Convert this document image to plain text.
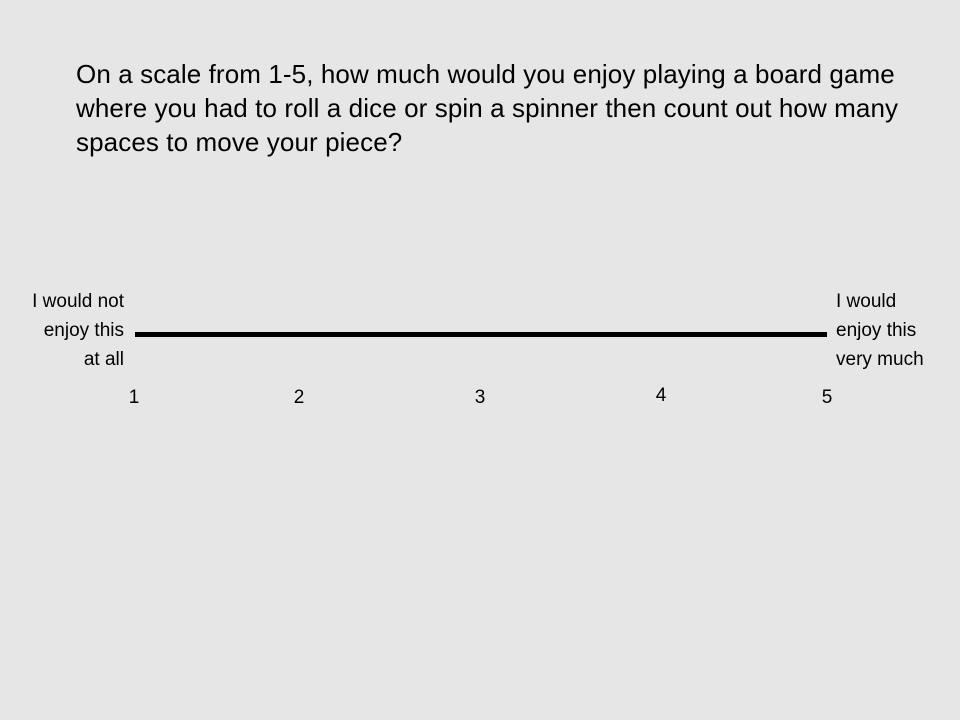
On a scale from 1-5, how much would you enjoy playing a board game where you had to roll a dice or spin a spinner then count out how many spaces to move your piece?

I would not
enjoy this
at all
I would
enjoy this
very much
1	2	3	4	5
